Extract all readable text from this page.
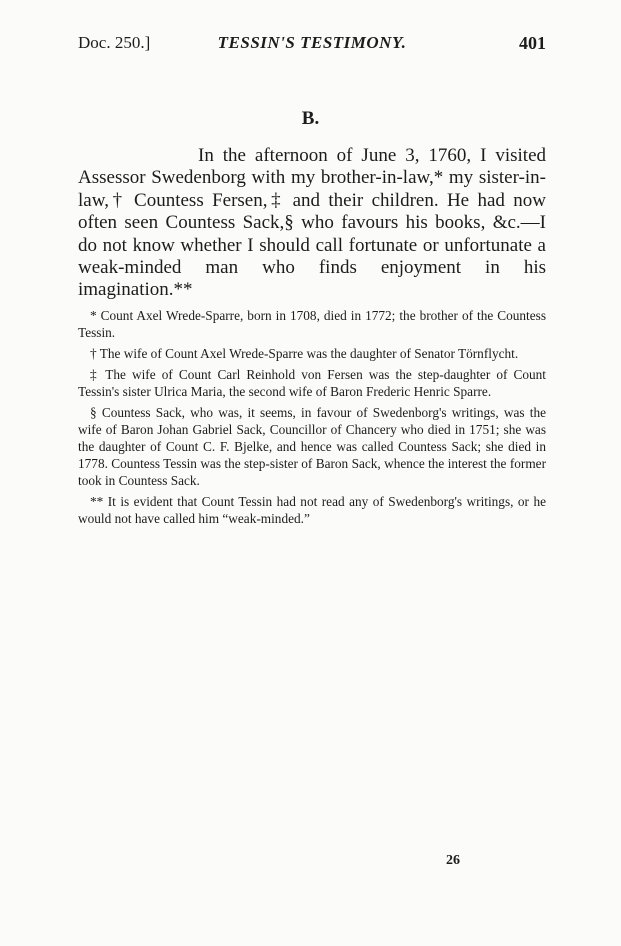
Doc. 250.]	TESSIN'S TESTIMONY.	401
B.
In the afternoon of June 3, 1760, I visited Assessor Swedenborg with my brother-in-law,* my sister-in-law,† Countess Fersen,‡ and their children. He had now often seen Countess Sack,§ who favours his books, &c.—I do not know whether I should call fortunate or unfortunate a weak-minded man who finds enjoyment in his imagination.**

* Count Axel Wrede-Sparre, born in 1708, died in 1772; the brother of the Countess Tessin.

† The wife of Count Axel Wrede-Sparre was the daughter of Senator Törnflycht.

‡ The wife of Count Carl Reinhold von Fersen was the step-daughter of Count Tessin's sister Ulrica Maria, the second wife of Baron Frederic Henric Sparre.

§ Countess Sack, who was, it seems, in favour of Swedenborg's writings, was the wife of Baron Johan Gabriel Sack, Councillor of Chancery who died in 1751; she was the daughter of Count C. F. Bjelke, and hence was called Countess Sack; she died in 1778. Countess Tessin was the step-sister of Baron Sack, whence the interest the former took in Countess Sack.

** It is evident that Count Tessin had not read any of Swedenborg's writings, or he would not have called him “weak-minded.”

26
